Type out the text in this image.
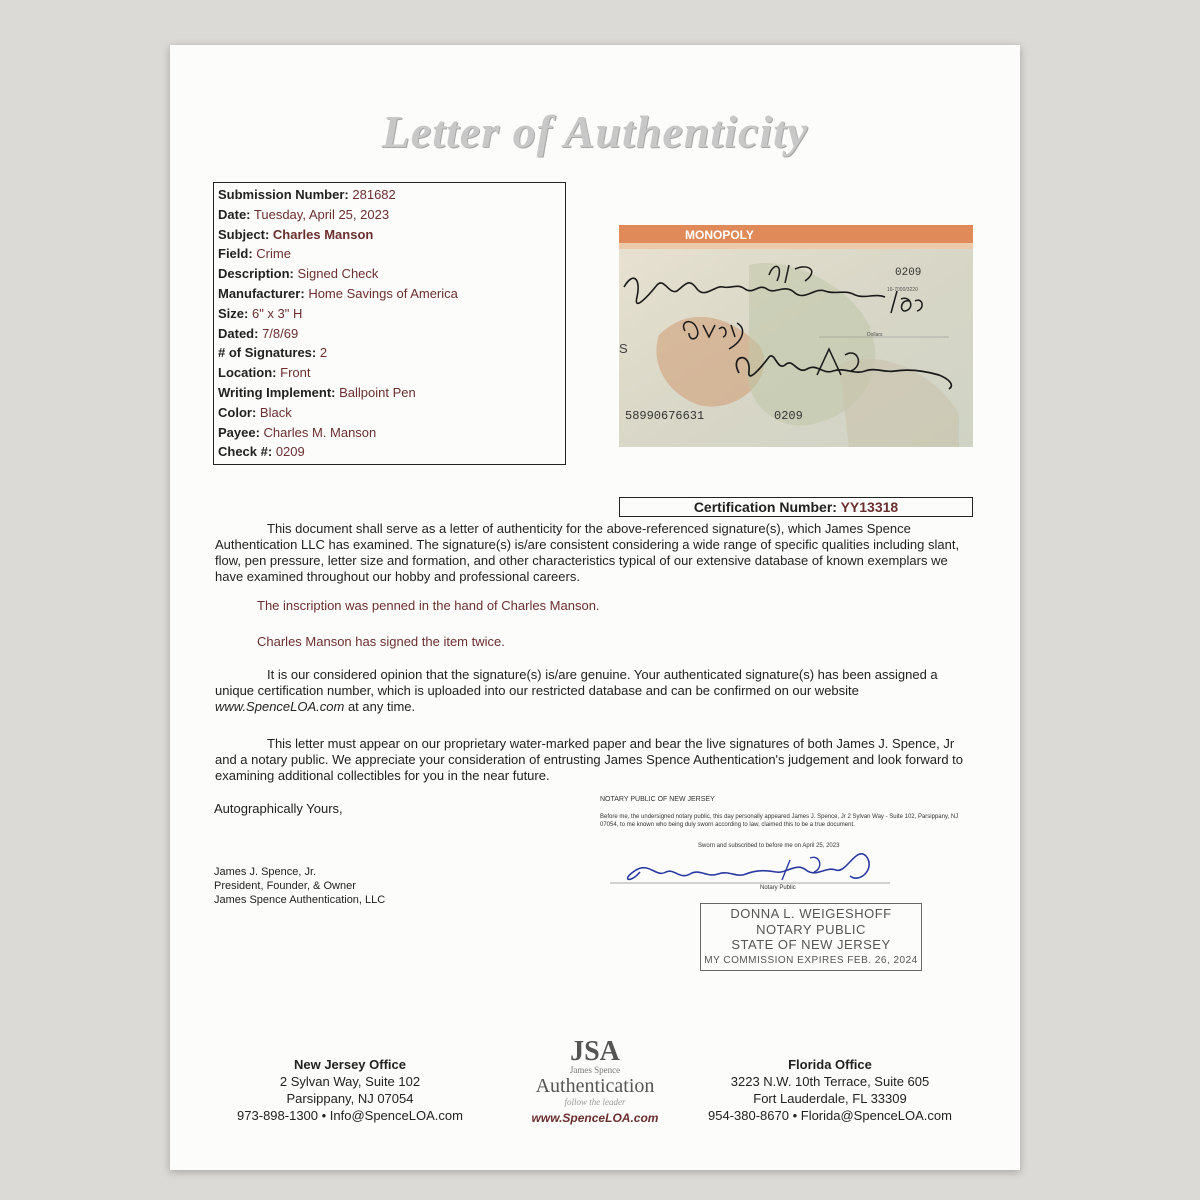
Letter of Authenticity
Submission Number: 281682
Date: Tuesday, April 25, 2023
Subject: Charles Manson
Field: Crime
Description: Signed Check
Manufacturer: Home Savings of America
Size: 6" x 3" H
Dated: 7/8/69
# of Signatures: 2
Location: Front
Writing Implement: Ballpoint Pen
Color: Black
Payee: Charles M. Manson
Check #: 0209
MONOPOLY
0209
16-7000/3220
Dollars
S
58990676631	0209
Certification Number: YY13318
This document shall serve as a letter of authenticity for the above-referenced signature(s), which James Spence Authentication LLC has examined. The signature(s) is/are consistent considering a wide range of specific qualities including slant, flow, pen pressure, letter size and formation, and other characteristics typical of our extensive database of known exemplars we have examined throughout our hobby and professional careers.
The inscription was penned in the hand of Charles Manson.
Charles Manson has signed the item twice.
It is our considered opinion that the signature(s) is/are genuine. Your authenticated signature(s) has been assigned a unique certification number, which is uploaded into our restricted database and can be confirmed on our website www.SpenceLOA.com at any time.
This letter must appear on our proprietary water-marked paper and bear the live signatures of both James J. Spence, Jr and a notary public. We appreciate your consideration of entrusting James Spence Authentication's judgement and look forward to examining additional collectibles for you in the near future.
Autographically Yours,
James J. Spence, Jr.
President, Founder, & Owner
James Spence Authentication, LLC
NOTARY PUBLIC OF NEW JERSEY
Before me, the undersigned notary public, this day personally appeared James J. Spence, Jr 2 Sylvan Way - Suite 102, Parsippany, NJ 07054, to me known who being duly sworn according to law, claimed this to be a true document.
Sworn and subscribed to before me on April 25, 2023
Notary Public
DONNA L. WEIGESHOFF
NOTARY PUBLIC
STATE OF NEW JERSEY
MY COMMISSION EXPIRES FEB. 26, 2024
New Jersey Office
2 Sylvan Way, Suite 102
Parsippany, NJ 07054
973-898-1300 • Info@SpenceLOA.com
JSA
James Spence
Authentication
follow the leader
www.SpenceLOA.com
Florida Office
3223 N.W. 10th Terrace, Suite 605
Fort Lauderdale, FL 33309
954-380-8670 • Florida@SpenceLOA.com
